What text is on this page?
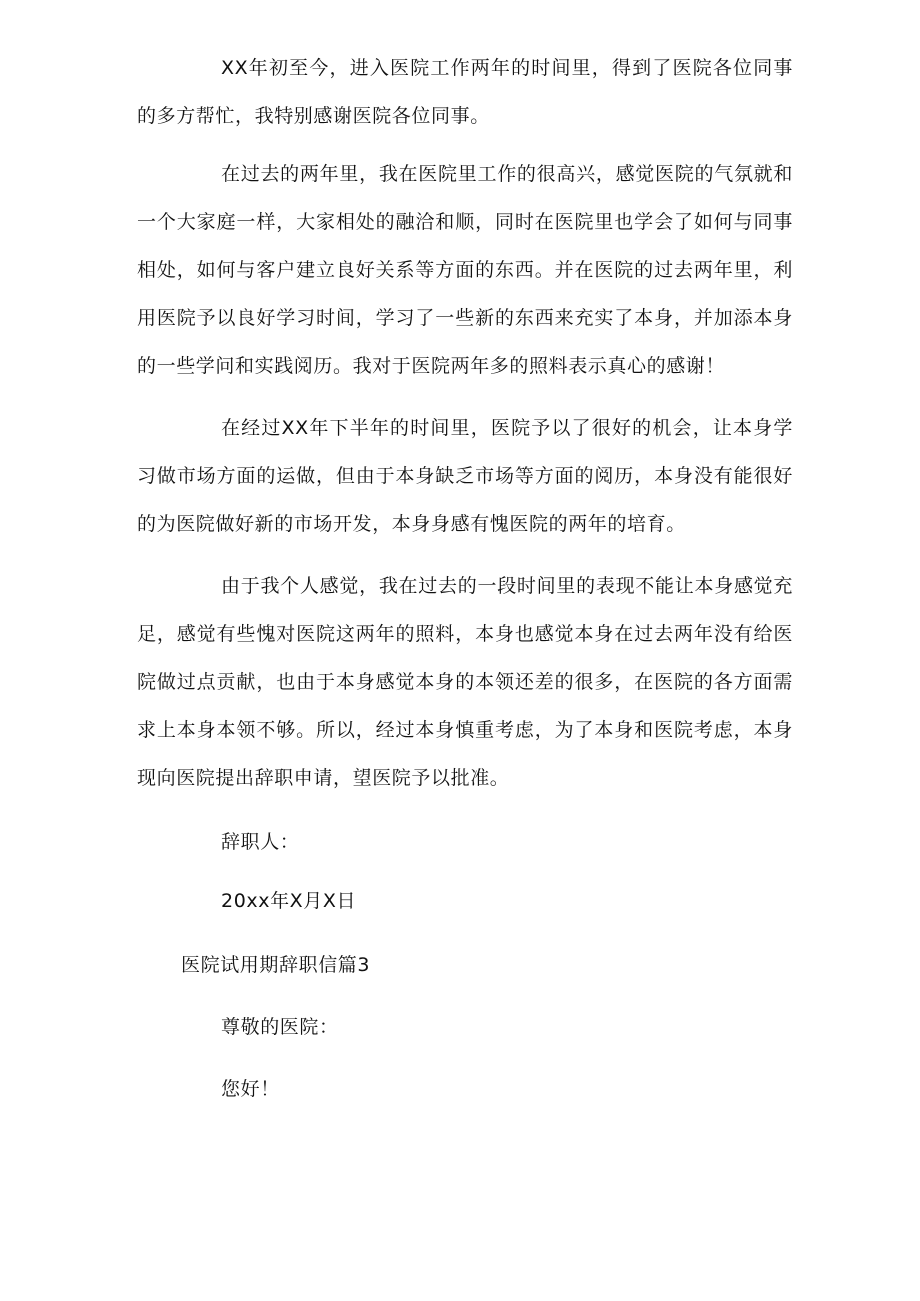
XX年初至今，进入医院工作两年的时间里，得到了医院各位同事的多方帮忙，我特别感谢医院各位同事。

在过去的两年里，我在医院里工作的很高兴，感觉医院的气氛就和一个大家庭一样，大家相处的融洽和顺，同时在医院里也学会了如何与同事相处，如何与客户建立良好关系等方面的东西。并在医院的过去两年里，利用医院予以良好学习时间，学习了一些新的东西来充实了本身，并加添本身的一些学问和实践阅历。我对于医院两年多的照料表示真心的感谢！

在经过XX年下半年的时间里，医院予以了很好的机会，让本身学习做市场方面的运做，但由于本身缺乏市场等方面的阅历，本身没有能很好的为医院做好新的市场开发，本身身感有愧医院的两年的培育。

由于我个人感觉，我在过去的一段时间里的表现不能让本身感觉充足，感觉有些愧对医院这两年的照料，本身也感觉本身在过去两年没有给医院做过点贡献，也由于本身感觉本身的本领还差的很多，在医院的各方面需求上本身本领不够。所以，经过本身慎重考虑，为了本身和医院考虑，本身现向医院提出辞职申请，望医院予以批准。

辞职人：

20xx年X月X日

医院试用期辞职信篇3

尊敬的医院：

您好！
